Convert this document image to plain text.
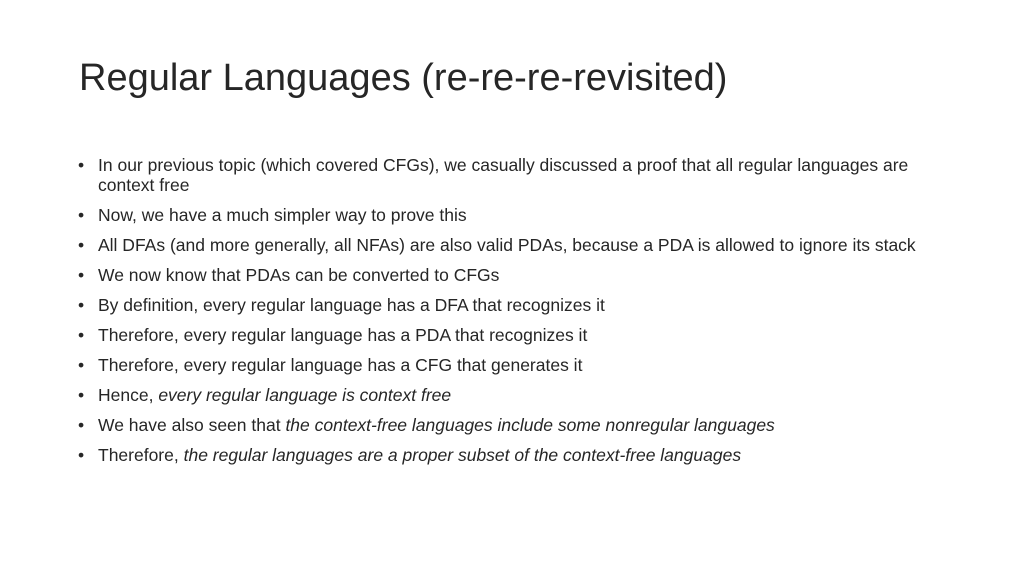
Regular Languages (re-re-re-revisited)
• In our previous topic (which covered CFGs), we casually discussed a proof that all regular languages are context free
• Now, we have a much simpler way to prove this
• All DFAs (and more generally, all NFAs) are also valid PDAs, because a PDA is allowed to ignore its stack
• We now know that PDAs can be converted to CFGs
• By definition, every regular language has a DFA that recognizes it
• Therefore, every regular language has a PDA that recognizes it
• Therefore, every regular language has a CFG that generates it
• Hence, every regular language is context free
• We have also seen that the context-free languages include some nonregular languages
• Therefore, the regular languages are a proper subset of the context-free languages
